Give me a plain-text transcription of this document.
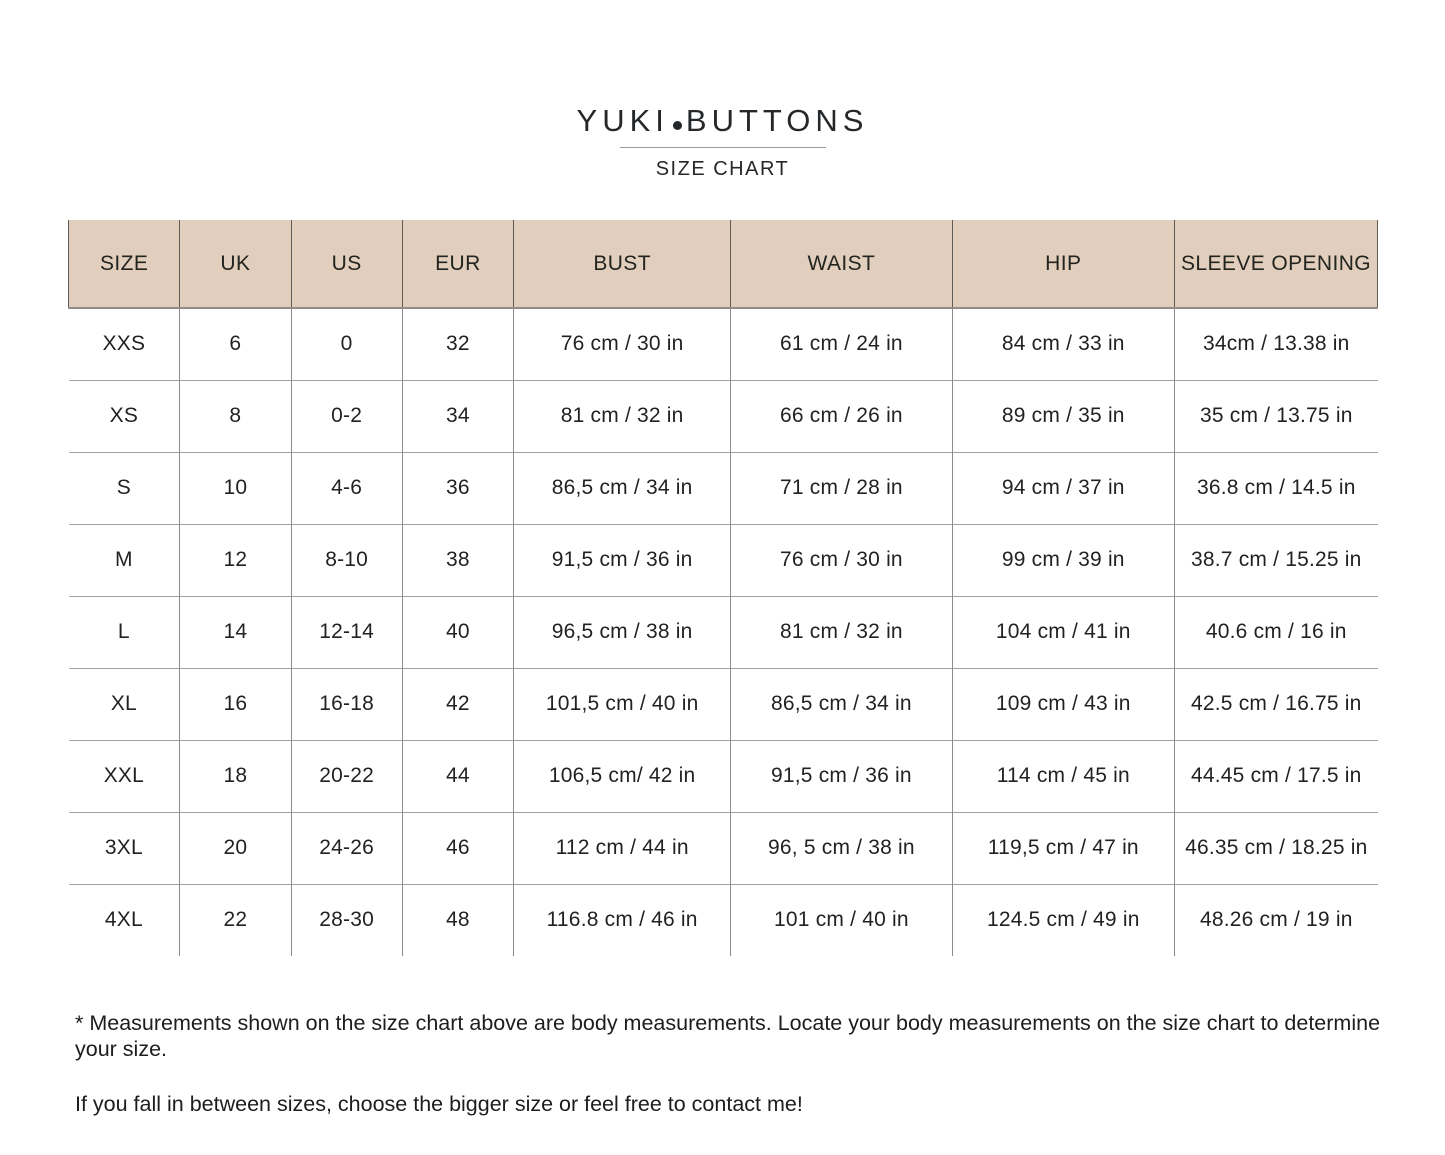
YUKI BUTTONS
SIZE CHART
SIZE	UK	US	EUR	BUST	WAIST	HIP	SLEEVE OPENING
XXS	6	0	32	76 cm / 30 in	61 cm / 24 in	84 cm / 33 in	34cm / 13.38 in
XS	8	0-2	34	81 cm / 32 in	66 cm / 26 in	89 cm / 35 in	35 cm / 13.75 in
S	10	4-6	36	86,5 cm / 34 in	71 cm / 28 in	94 cm / 37 in	36.8 cm / 14.5 in
M	12	8-10	38	91,5 cm / 36 in	76 cm / 30 in	99 cm / 39 in	38.7 cm / 15.25 in
L	14	12-14	40	96,5 cm / 38 in	81 cm / 32 in	104 cm / 41 in	40.6 cm / 16 in
XL	16	16-18	42	101,5 cm / 40 in	86,5 cm / 34 in	109 cm / 43 in	42.5 cm / 16.75 in
XXL	18	20-22	44	106,5 cm/ 42 in	91,5 cm / 36 in	114 cm / 45 in	44.45 cm / 17.5 in
3XL	20	24-26	46	112 cm / 44 in	96, 5 cm / 38 in	119,5 cm / 47 in	46.35 cm / 18.25 in
4XL	22	28-30	48	116.8 cm / 46 in	101 cm / 40 in	124.5 cm / 49 in	48.26 cm / 19 in

* Measurements shown on the size chart above are body measurements. Locate your body measurements on the size chart to determine your size.

If you fall in between sizes, choose the bigger size or feel free to contact me!
